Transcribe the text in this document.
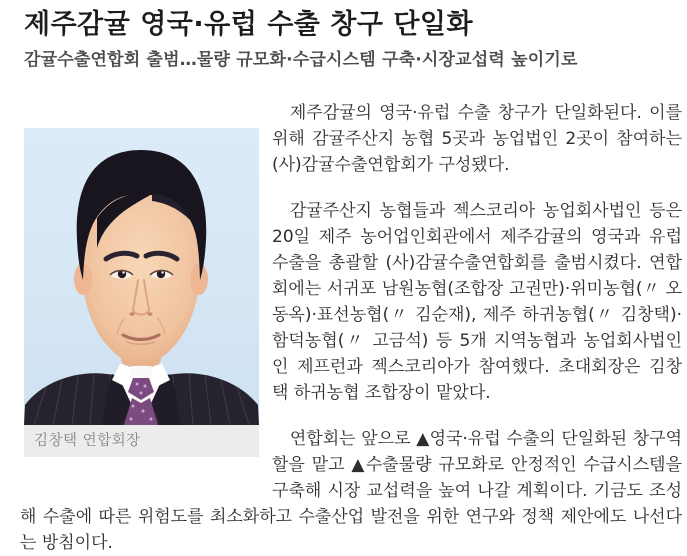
제주감귤 영국·유럽 수출 창구 단일화
감귤수출연합회 출범…물량 규모화·수급시스템 구축·시장교섭력 높이기로
김창택 연합회장

제주감귤의 영국·유럽 수출 창구가 단일화된다. 이를 위해 감귤주산지 농협 5곳과 농업법인 2곳이 참여하는 (사)감귤수출연합회가 구성됐다.

감귤주산지 농협들과 젝스코리아 농업회사법인 등은 20일 제주 농어업인회관에서 제주감귤의 영국과 유럽 수출을 총괄할 (사)감귤수출연합회를 출범시켰다. 연합회에는 서귀포 남원농협(조합장 고권만)·위미농협(〃 오동옥)·표선농협(〃 김순재), 제주 하귀농협(〃 김창택)·함덕농협(〃 고금석) 등 5개 지역농협과 농업회사법인인 제프런과 젝스코리아가 참여했다. 초대회장은 김창택 하귀농협 조합장이 맡았다.

연합회는 앞으로 ▲영국·유럽 수출의 단일화된 창구역할을 맡고 ▲수출물량 규모화로 안정적인 수급시스템을 구축해 시장 교섭력을 높여 나갈 계획이다. 기금도 조성해 수출에 따른 위험도를 최소화하고 수출산업 발전을 위한 연구와 정책 제안에도 나선다는 방침이다.
